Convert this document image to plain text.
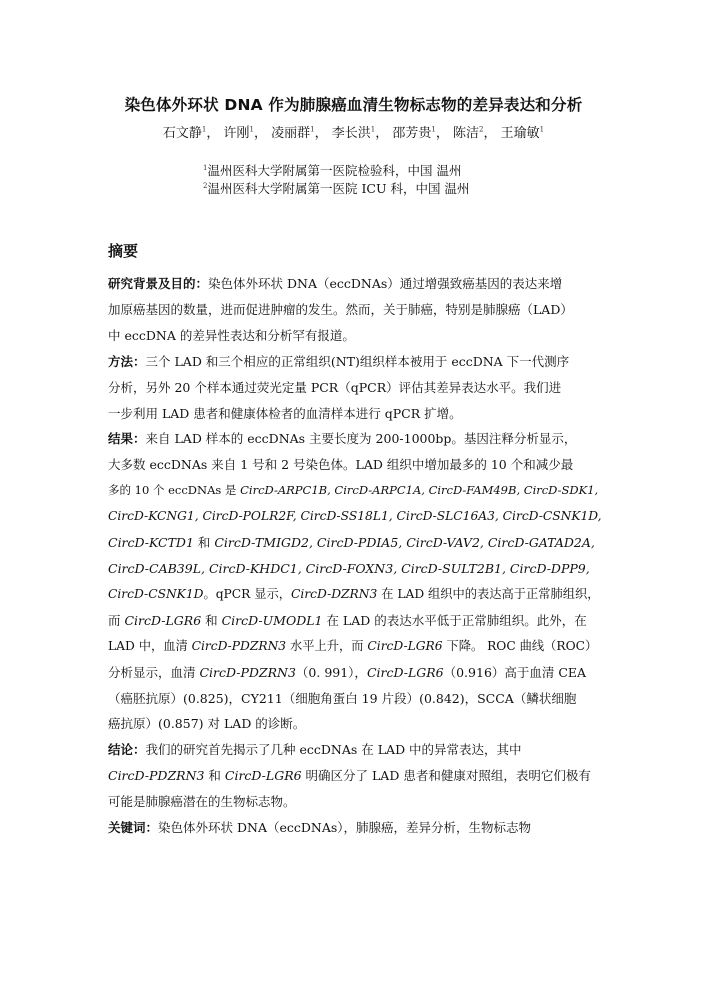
染色体外环状 DNA 作为肺腺癌血清生物标志物的差异表达和分析
石文静$^1$， 许刚$^1$， 凌丽群$^1$， 李长洪$^1$， 邵芳贵$^1$， 陈洁$^2$， 王瑜敏$^1$
$^1$温州医科大学附属第一医院检验科，中国 温州
$^2$温州医科大学附属第一医院 ICU 科，中国 温州
摘要
研究背景及目的：染色体外环状 DNA（eccDNAs）通过增强致癌基因的表达来增
加原癌基因的数量，进而促进肿瘤的发生。然而，关于肺癌，特别是肺腺癌（LAD）
中 eccDNA 的差异性表达和分析罕有报道。
方法：三个 LAD 和三个相应的正常组织(NT)组织样本被用于 eccDNA 下一代测序
分析，另外 20 个样本通过荧光定量 PCR（qPCR）评估其差异表达水平。我们进
一步利用 LAD 患者和健康体检者的血清样本进行 qPCR 扩增。
结果：来自 LAD 样本的 eccDNAs 主要长度为 200-1000bp。基因注释分析显示，
大多数 eccDNAs 来自 1 号和 2 号染色体。LAD 组织中增加最多的 10 个和减少最
多的 10 个 eccDNAs 是 CircD-ARPC1B, CircD-ARPC1A, CircD-FAM49B, CircD-SDK1,
CircD-KCNG1, CircD-POLR2F, CircD-SS18L1, CircD-SLC16A3, CircD-CSNK1D,
CircD-KCTD1 和 CircD-TMIGD2, CircD-PDIA5, CircD-VAV2, CircD-GATAD2A,
CircD-CAB39L, CircD-KHDC1, CircD-FOXN3, CircD-SULT2B1, CircD-DPP9,
CircD-CSNK1D。qPCR 显示，CircD-DZRN3 在 LAD 组织中的表达高于正常肺组织，
而 CircD-LGR6 和 CircD-UMODL1 在 LAD 的表达水平低于正常肺组织。此外，在
LAD 中，血清 CircD-PDZRN3 水平上升，而 CircD-LGR6 下降。 ROC 曲线（ROC）
分析显示，血清 CircD-PDZRN3（0. 991），CircD-LGR6（0.916）高于血清 CEA
（癌胚抗原）(0.825)，CY211（细胞角蛋白 19 片段）(0.842)，SCCA（鳞状细胞
癌抗原）(0.857) 对 LAD 的诊断。
结论：我们的研究首先揭示了几种 eccDNAs 在 LAD 中的异常表达，其中
CircD-PDZRN3 和 CircD-LGR6 明确区分了 LAD 患者和健康对照组，表明它们极有
可能是肺腺癌潜在的生物标志物。
关键词：染色体外环状 DNA（eccDNAs），肺腺癌，差异分析，生物标志物
